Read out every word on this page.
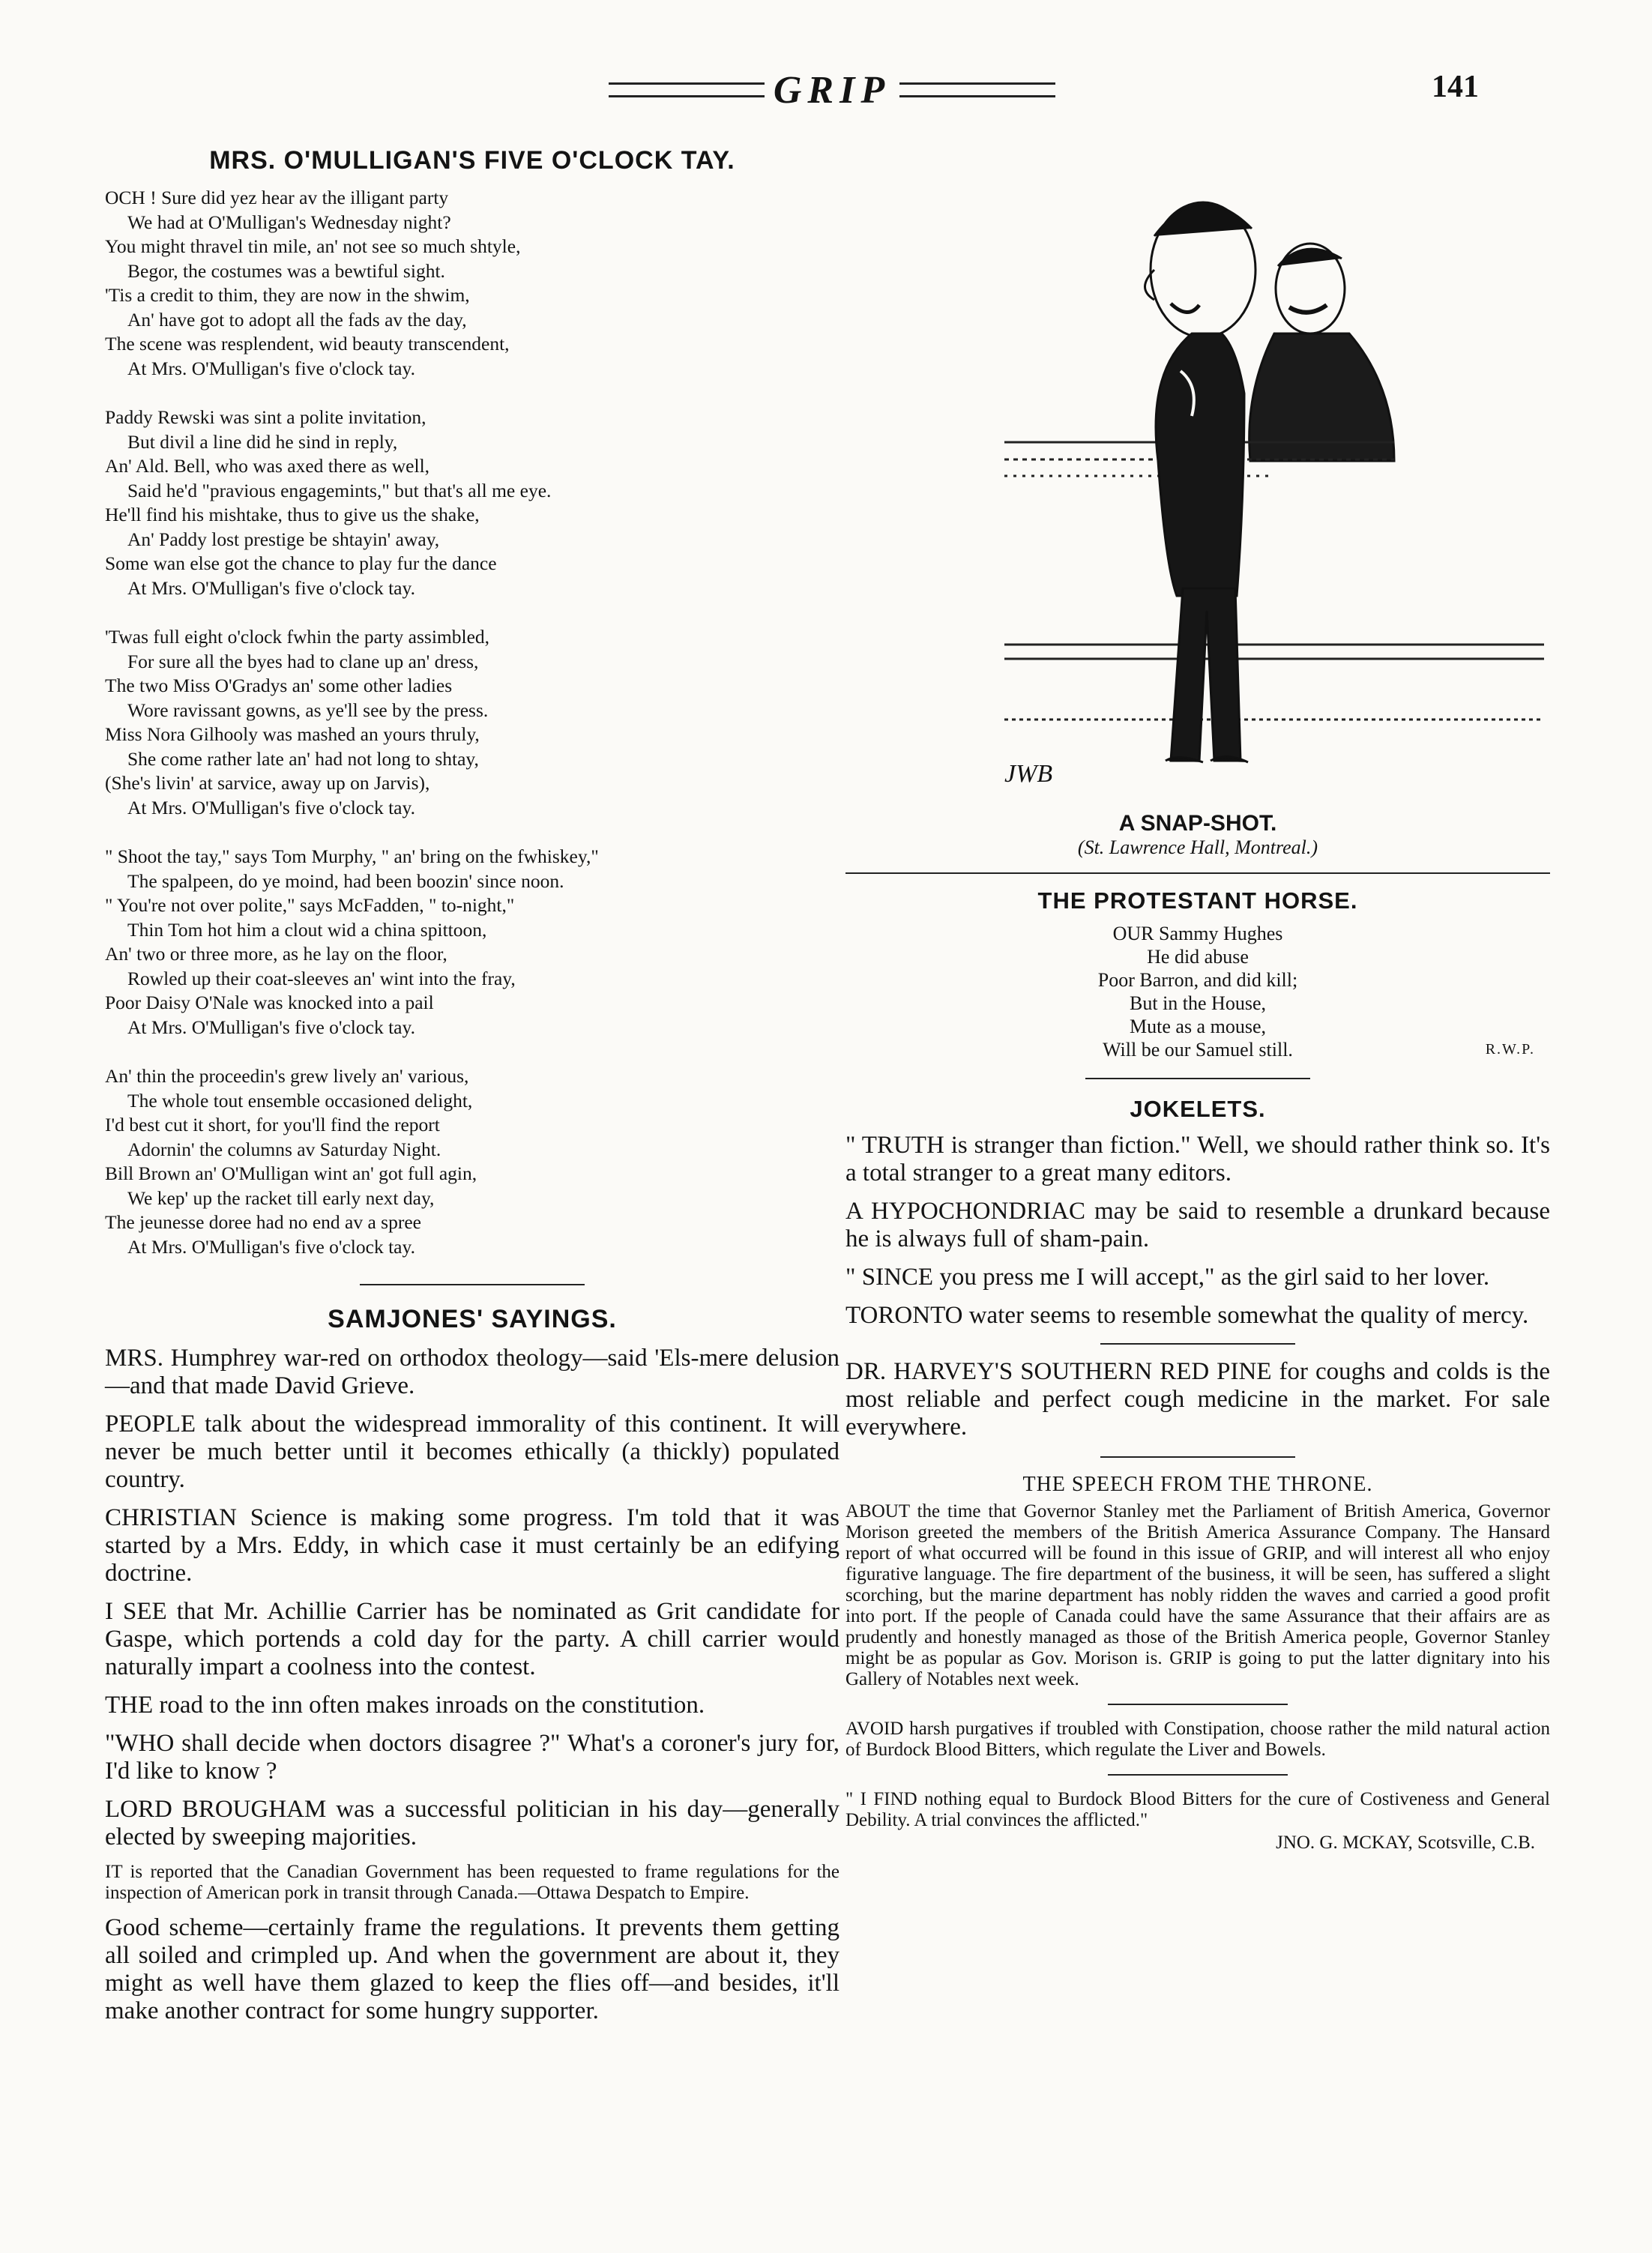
GRIP	141
MRS. O'MULLIGAN'S FIVE O'CLOCK TAY.
OCH ! Sure did yez hear av the illigant party
We had at O'Mulligan's Wednesday night?
You might thravel tin mile, an' not see so much shtyle,
Begor, the costumes was a bewtiful sight.
'Tis a credit to thim, they are now in the shwim,
An' have got to adopt all the fads av the day,
The scene was resplendent, wid beauty transcendent,
At Mrs. O'Mulligan's five o'clock tay.
Paddy Rewski was sint a polite invitation,
But divil a line did he sind in reply,
An' Ald. Bell, who was axed there as well,
Said he'd "pravious engagemints," but that's all me eye.
He'll find his mishtake, thus to give us the shake,
An' Paddy lost prestige be shtayin' away,
Some wan else got the chance to play fur the dance
At Mrs. O'Mulligan's five o'clock tay.
'Twas full eight o'clock fwhin the party assimbled,
For sure all the byes had to clane up an' dress,
The two Miss O'Gradys an' some other ladies
Wore ravissant gowns, as ye'll see by the press.
Miss Nora Gilhooly was mashed an yours thruly,
She come rather late an' had not long to shtay,
(She's livin' at sarvice, away up on Jarvis),
At Mrs. O'Mulligan's five o'clock tay.
" Shoot the tay," says Tom Murphy, " an' bring on the fwhiskey,"
The spalpeen, do ye moind, had been boozin' since noon.
" You're not over polite," says McFadden, " to-night,"
Thin Tom hot him a clout wid a china spittoon,
An' two or three more, as he lay on the floor,
Rowled up their coat-sleeves an' wint into the fray,
Poor Daisy O'Nale was knocked into a pail
At Mrs. O'Mulligan's five o'clock tay.
An' thin the proceedin's grew lively an' various,
The whole tout ensemble occasioned delight,
I'd best cut it short, for you'll find the report
Adornin' the columns av Saturday Night.
Bill Brown an' O'Mulligan wint an' got full agin,
We kep' up the racket till early next day,
The jeunesse doree had no end av a spree
At Mrs. O'Mulligan's five o'clock tay.
SAMJONES' SAYINGS.

MRS. Humphrey war-red on orthodox theology—said 'Els-mere delusion—and that made David Grieve.

PEOPLE talk about the widespread immorality of this continent. It will never be much better until it becomes ethically (a thickly) populated country.

CHRISTIAN Science is making some progress. I'm told that it was started by a Mrs. Eddy, in which case it must certainly be an edifying doctrine.

I SEE that Mr. Achillie Carrier has be nominated as Grit candidate for Gaspe, which portends a cold day for the party. A chill carrier would naturally impart a coolness into the contest.

THE road to the inn often makes inroads on the constitution.

"WHO shall decide when doctors disagree ?" What's a coroner's jury for, I'd like to know ?

LORD BROUGHAM was a successful politician in his day—generally elected by sweeping majorities.

IT is reported that the Canadian Government has been requested to frame regulations for the inspection of American pork in transit through Canada.—Ottawa Despatch to Empire.

Good scheme—certainly frame the regulations. It prevents them getting all soiled and crimpled up. And when the government are about it, they might as well have them glazed to keep the flies off—and besides, it'll make another contract for some hungry supporter.

JWB
A SNAP-SHOT.
(St. Lawrence Hall, Montreal.)
THE PROTESTANT HORSE.
OUR Sammy Hughes
He did abuse
Poor Barron, and did kill;
But in the House,
Mute as a mouse,
Will be our Samuel still.	R.W.P.
JOKELETS.

" TRUTH is stranger than fiction." Well, we should rather think so. It's a total stranger to a great many editors.

A HYPOCHONDRIAC may be said to resemble a drunkard because he is always full of sham-pain.

" SINCE you press me I will accept," as the girl said to her lover.

TORONTO water seems to resemble somewhat the quality of mercy.

DR. HARVEY'S SOUTHERN RED PINE for coughs and colds is the most reliable and perfect cough medicine in the market. For sale everywhere.

THE SPEECH FROM THE THRONE.

ABOUT the time that Governor Stanley met the Parliament of British America, Governor Morison greeted the members of the British America Assurance Company. The Hansard report of what occurred will be found in this issue of GRIP, and will interest all who enjoy figurative language. The fire department of the business, it will be seen, has suffered a slight scorching, but the marine department has nobly ridden the waves and carried a good profit into port. If the people of Canada could have the same Assurance that their affairs are as prudently and honestly managed as those of the British America people, Governor Stanley might be as popular as Gov. Morison is. GRIP is going to put the latter dignitary into his Gallery of Notables next week.

AVOID harsh purgatives if troubled with Constipation, choose rather the mild natural action of Burdock Blood Bitters, which regulate the Liver and Bowels.

" I FIND nothing equal to Burdock Blood Bitters for the cure of Costiveness and General Debility. A trial convinces the afflicted."

JNO. G. MCKAY, Scotsville, C.B.
